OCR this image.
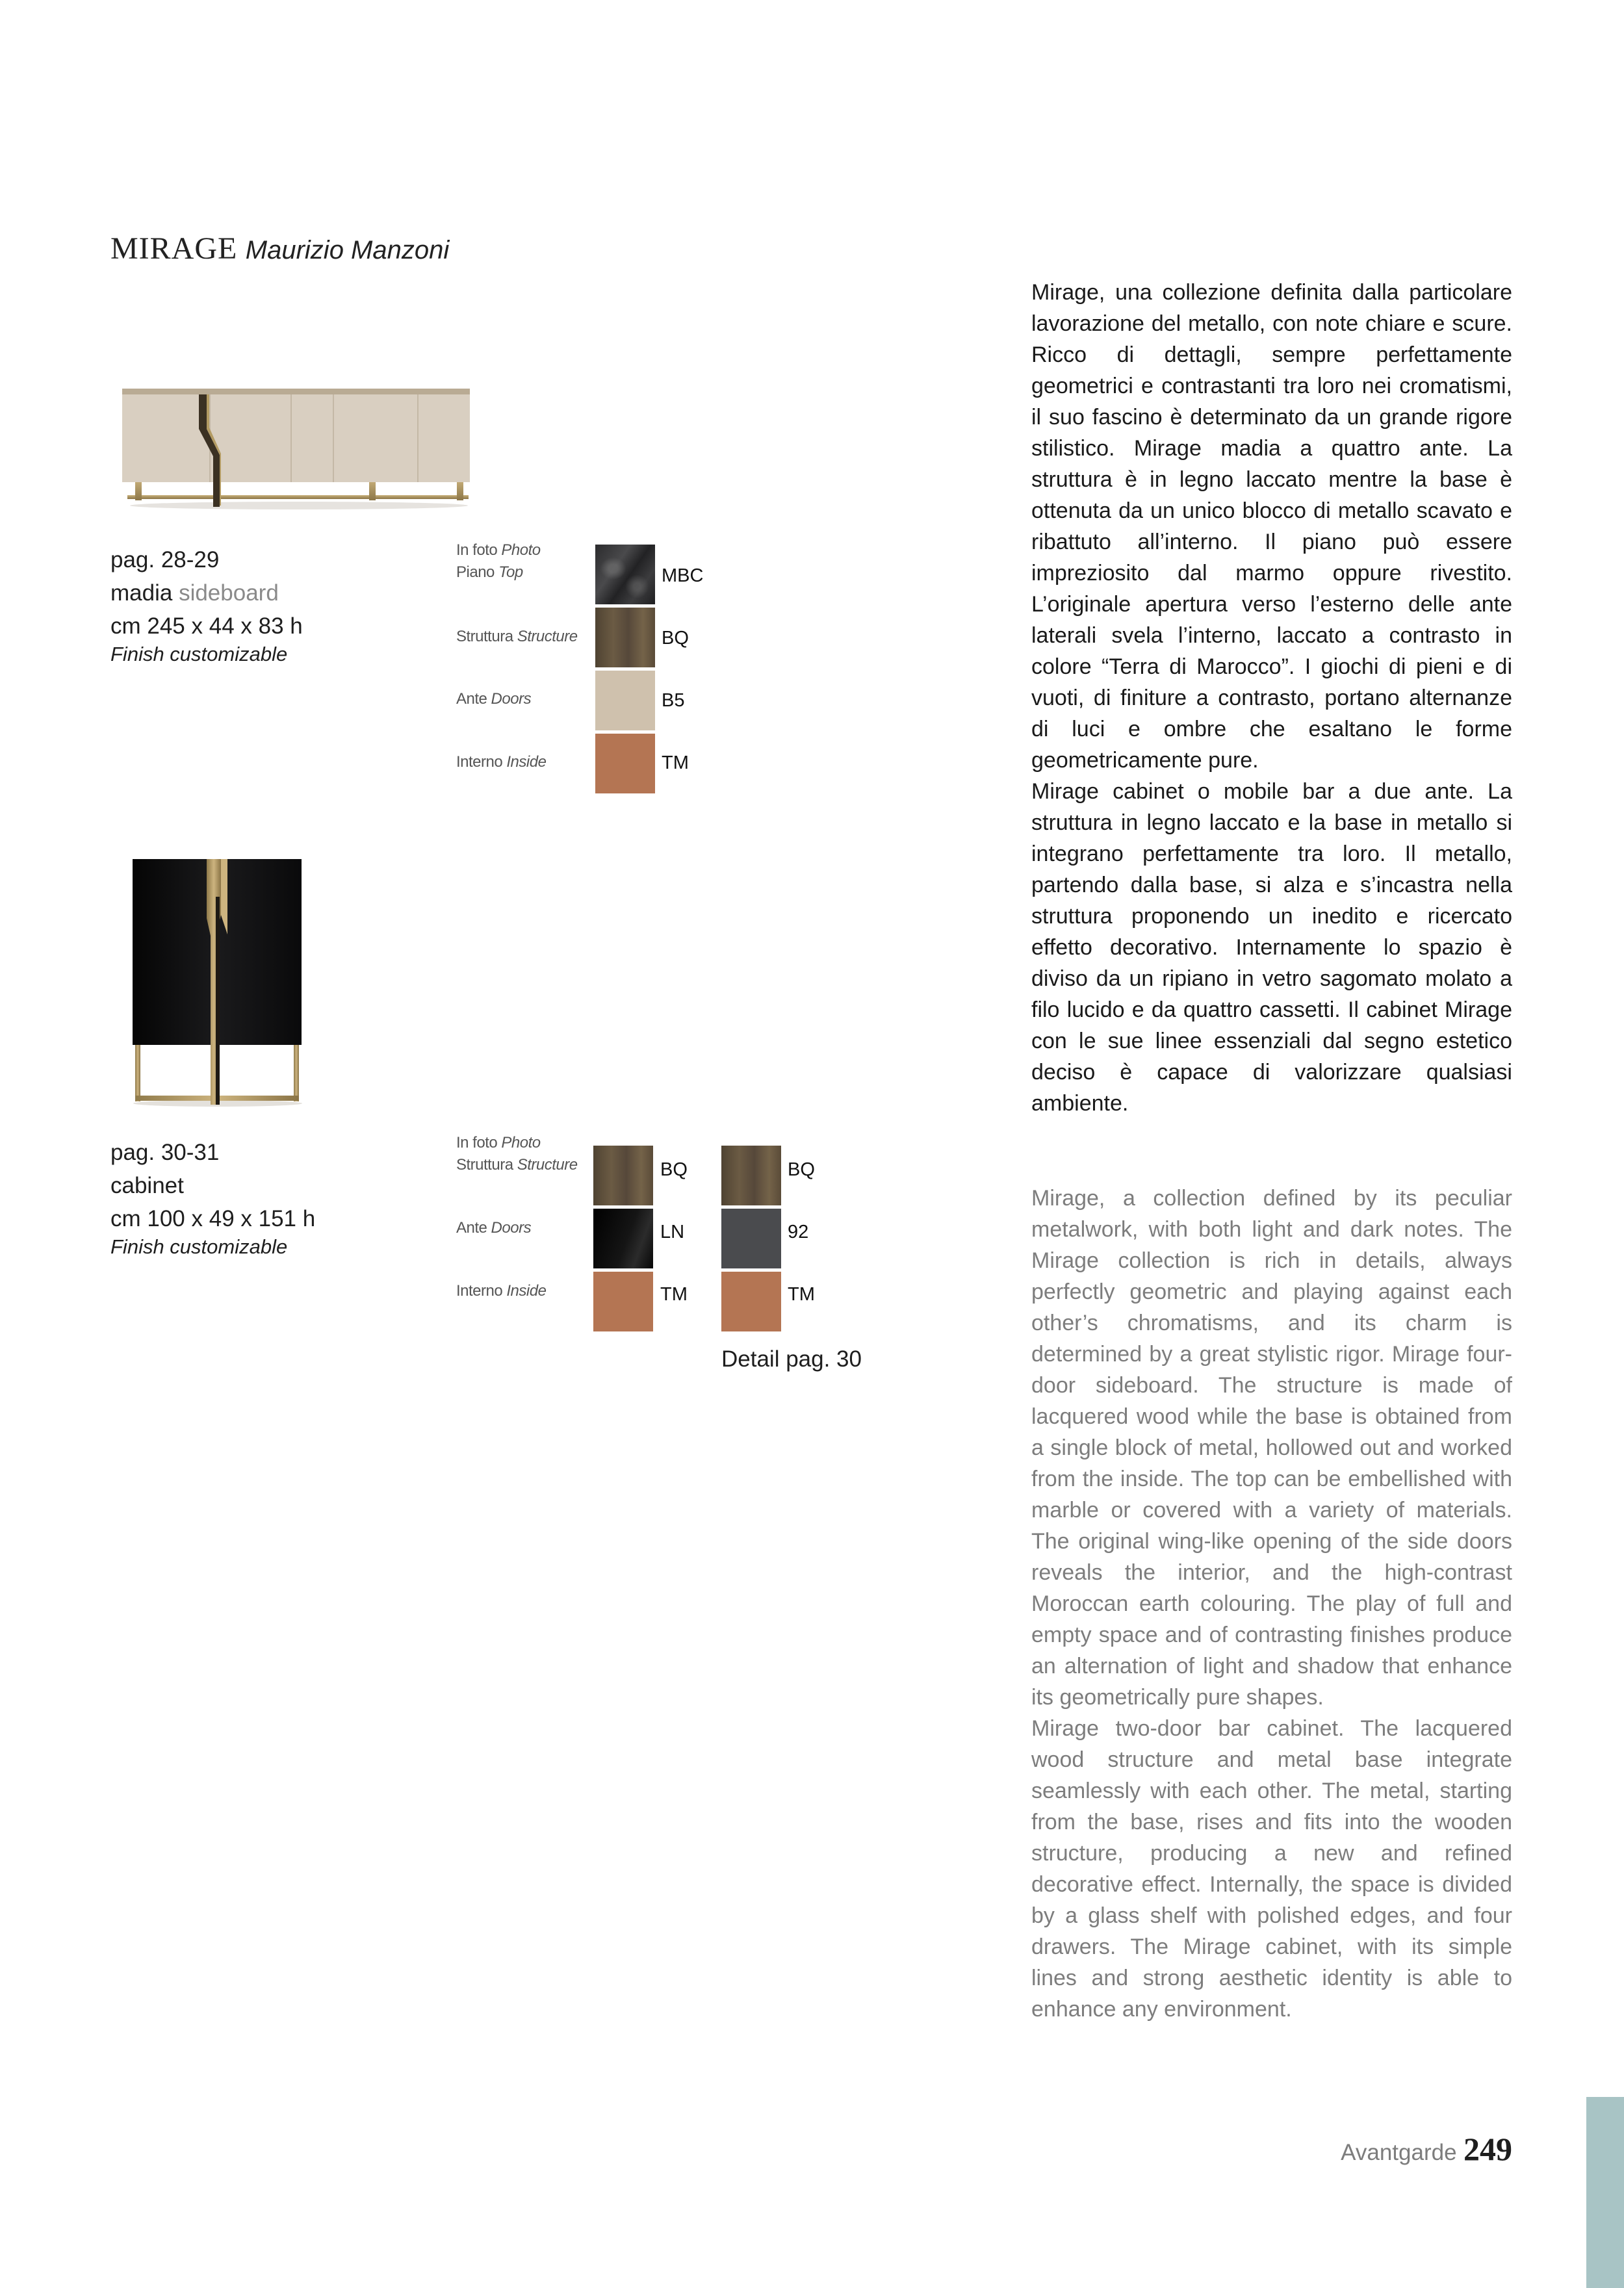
MIRAGE Maurizio Manzoni
pag. 28-29
madia sideboard
cm 245 x 44 x 83 h
Finish customizable
In foto Photo
Piano Top
Struttura Structure
Ante Doors
Interno Inside
MBC
BQ
B5
TM
pag. 30-31
cabinet
cm 100 x 49 x 151 h
Finish customizable
In foto Photo
Struttura Structure
Ante Doors
Interno Inside
BQ
LN
TM
BQ
92
TM
Detail pag. 30

Mirage, una collezione definita dalla particolare lavorazione del metallo, con note chiare e scure. Ricco di dettagli, sempre perfettamente geometrici e contrastanti tra loro nei cromatismi, il suo fascino è determinato da un grande rigore stilistico. Mirage madia a quattro ante. La struttura è in legno laccato mentre la base è ottenuta da un unico blocco di metallo scavato e ribattuto all’interno. Il piano può essere impreziosito dal marmo oppure rivestito. L’originale apertura verso l’esterno delle ante laterali svela l’interno, laccato a contrasto in colore “Terra di Marocco”. I giochi di pieni e di vuoti, di finiture a contrasto, portano alternanze di luci e ombre che esaltano le forme geometricamente pure.

Mirage cabinet o mobile bar a due ante. La struttura in legno laccato e la base in metallo si integrano perfettamente tra loro. Il metallo, partendo dalla base, si alza e s’incastra nella struttura proponendo un inedito e ricercato effetto decorativo. Internamente lo spazio è diviso da un ripiano in vetro sagomato molato a filo lucido e da quattro cassetti. Il cabinet Mirage con le sue linee essenziali dal segno estetico deciso è capace di valorizzare qualsiasi ambiente.

Mirage, a collection defined by its peculiar metalwork, with both light and dark notes. The Mirage collection is rich in details, always perfectly geometric and playing against each other’s chromatisms, and its charm is determined by a great stylistic rigor. Mirage four-door sideboard. The structure is made of lacquered wood while the base is obtained from a single block of metal, hollowed out and worked from the inside. The top can be embellished with marble or covered with a variety of materials. The original wing-like opening of the side doors reveals the interior, and the high-contrast Moroccan earth colouring. The play of full and empty space and of contrasting finishes produce an alternation of light and shadow that enhance its geometrically pure shapes.

Mirage two-door bar cabinet. The lacquered wood structure and metal base integrate seamlessly with each other. The metal, starting from the base, rises and fits into the wooden structure, producing a new and refined decorative effect. Internally, the space is divided by a glass shelf with polished edges, and four drawers. The Mirage cabinet, with its simple lines and strong aesthetic identity is able to enhance any environment.

Avantgarde 249
